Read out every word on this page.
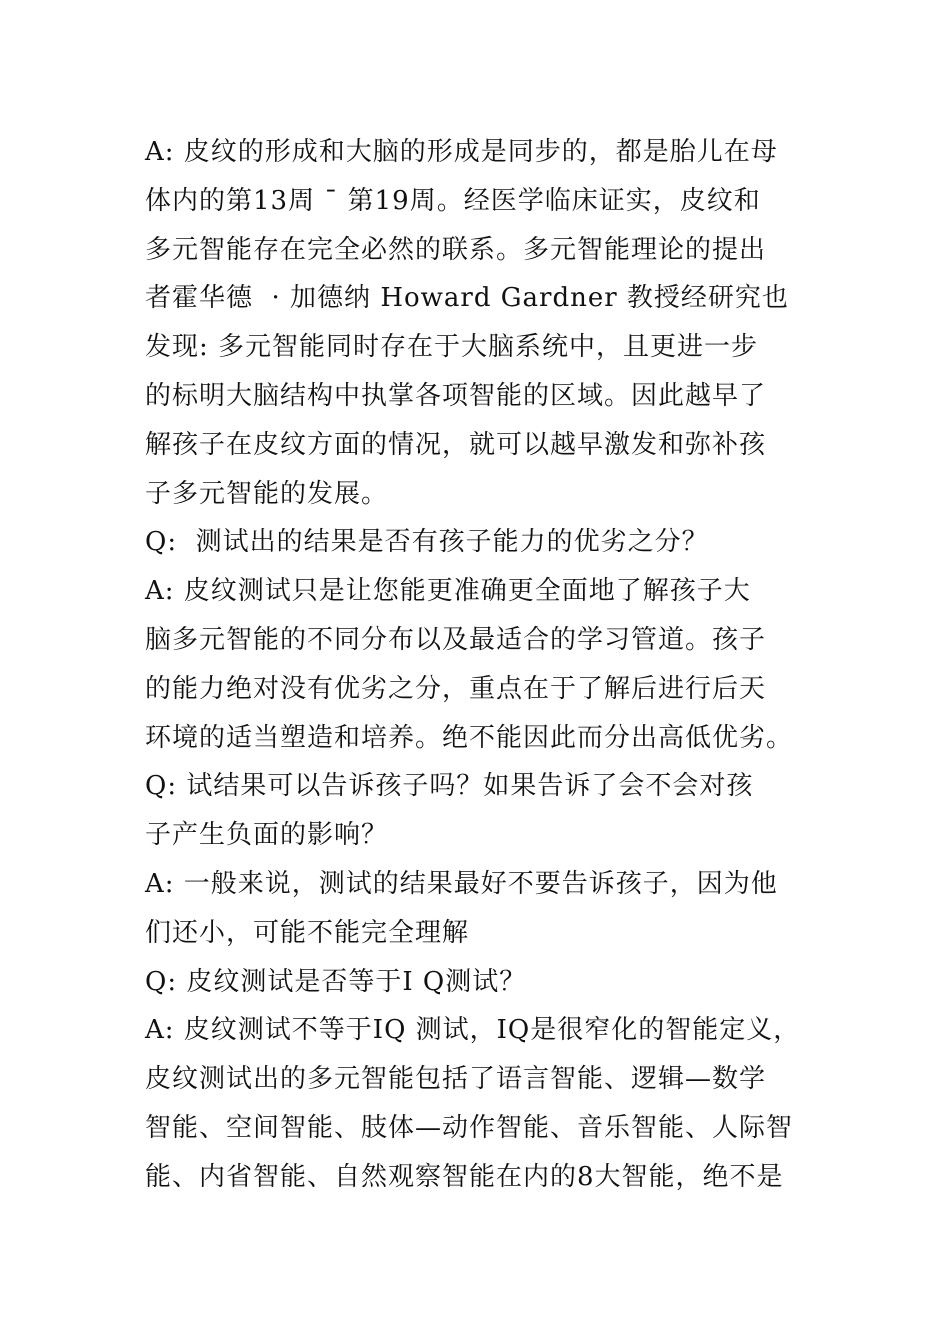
A: 皮纹的形成和大脑的形成是同步的，都是胎儿在母
体内的第13周 ¯ 第19周。经医学临床证实，皮纹和
多元智能存在完全必然的联系。多元智能理论的提出
者霍华德  · 加德纳 Howard Gardner 教授经研究也
发现: 多元智能同时存在于大脑系统中，且更进一步
的标明大脑结构中执掌各项智能的区域。因此越早了
解孩子在皮纹方面的情况，就可以越早激发和弥补孩
子多元智能的发展。
Q:  测试出的结果是否有孩子能力的优劣之分？
A: 皮纹测试只是让您能更准确更全面地了解孩子大
脑多元智能的不同分布以及最适合的学习管道。孩子
的能力绝对没有优劣之分，重点在于了解后进行后天
环境的适当塑造和培养。绝不能因此而分出高低优劣。
Q: 试结果可以告诉孩子吗？如果告诉了会不会对孩
子产生负面的影响？
A: 一般来说，测试的结果最好不要告诉孩子，因为他
们还小，可能不能完全理解
Q: 皮纹测试是否等于I Q测试？
A: 皮纹测试不等于IQ 测试，IQ是很窄化的智能定义，
皮纹测试出的多元智能包括了语言智能、逻辑—数学
智能、空间智能、肢体—动作智能、音乐智能、人际智
能、内省智能、自然观察智能在内的8大智能，绝不是
